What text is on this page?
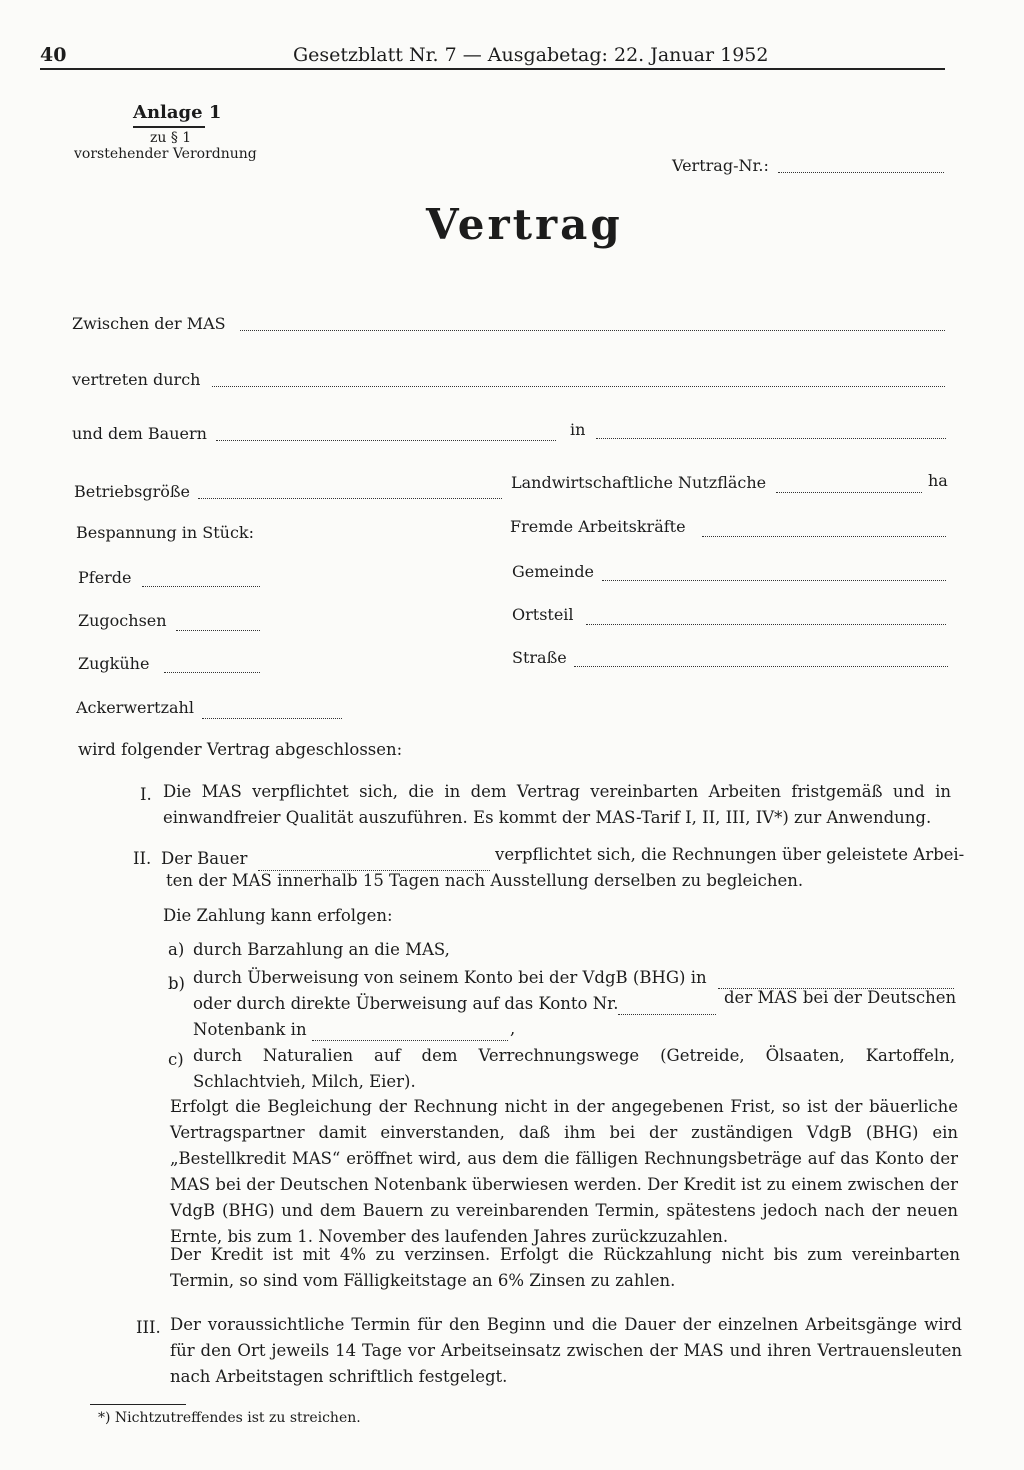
40	Gesetzblatt Nr. 7 — Ausgabetag: 22. Januar 1952
Anlage 1
zu § 1
vorstehender Verordnung
Vertrag-Nr.:
Vertrag
Zwischen der MAS
vertreten durch
und dem Bauern	in
Betriebsgröße	Landwirtschaftliche Nutzfläche	ha
Bespannung in Stück:	Fremde Arbeitskräfte
Pferde	Gemeinde
Zugochsen	Ortsteil
Zugkühe	Straße
Ackerwertzahl
wird folgender Vertrag abgeschlossen:
I. Die MAS verpflichtet sich, die in dem Vertrag vereinbarten Arbeiten fristgemäß und in einwandfreier Qualität auszuführen. Es kommt der MAS-Tarif I, II, III, IV*) zur Anwendung.
II. Der Bauer	verpflichtet sich, die Rechnungen über geleistete Arbei-
ten der MAS innerhalb 15 Tagen nach Ausstellung derselben zu begleichen.
Die Zahlung kann erfolgen:
a) durch Barzahlung an die MAS,
b) durch Überweisung von seinem Konto bei der VdgB (BHG) in
oder durch direkte Überweisung auf das Konto Nr.	der MAS bei der Deutschen
Notenbank in	,
c) durch Naturalien auf dem Verrechnungswege (Getreide, Ölsaaten, Kartoffeln, Schlachtvieh, Milch, Eier).
Erfolgt die Begleichung der Rechnung nicht in der angegebenen Frist, so ist der bäuerliche Vertragspartner damit einverstanden, daß ihm bei der zuständigen VdgB (BHG) ein „Bestellkredit MAS“ eröffnet wird, aus dem die fälligen Rechnungsbeträge auf das Konto der MAS bei der Deutschen Notenbank überwiesen werden. Der Kredit ist zu einem zwischen der VdgB (BHG) und dem Bauern zu vereinbarenden Termin, spätestens jedoch nach der neuen Ernte, bis zum 1. November des laufenden Jahres zurückzuzahlen.
Der Kredit ist mit 4% zu verzinsen. Erfolgt die Rückzahlung nicht bis zum vereinbarten Termin, so sind vom Fälligkeitstage an 6% Zinsen zu zahlen.
III. Der voraussichtliche Termin für den Beginn und die Dauer der einzelnen Arbeitsgänge wird für den Ort jeweils 14 Tage vor Arbeitseinsatz zwischen der MAS und ihren Vertrauensleuten nach Arbeitstagen schriftlich festgelegt.
*) Nichtzutreffendes ist zu streichen.
